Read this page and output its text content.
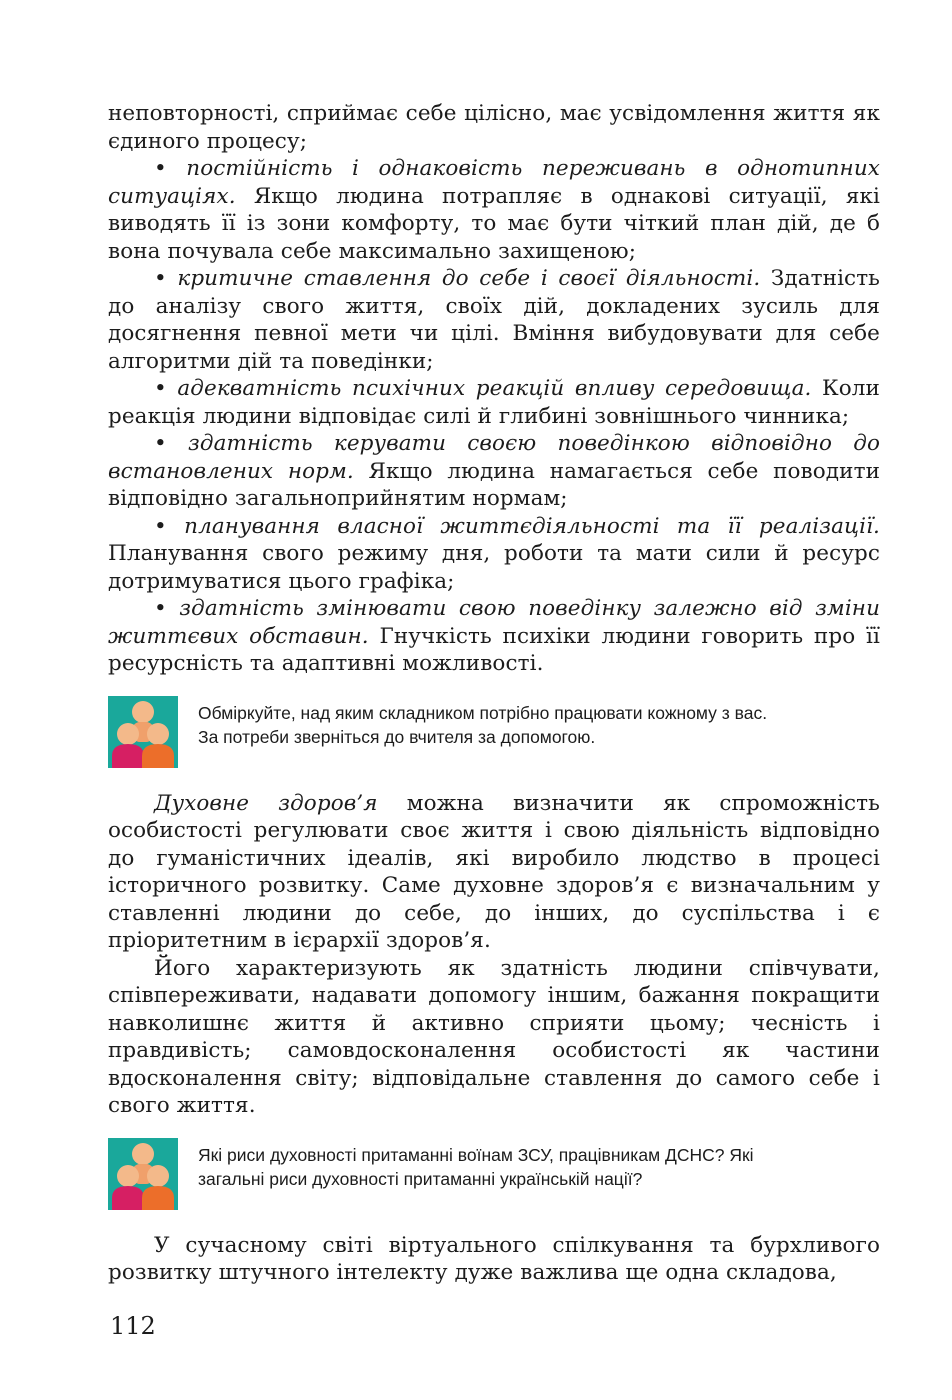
неповторності, сприймає себе цілісно, має усвідомлення життя як єдиного процесу;

• постійність і однаковість переживань в однотипних ситуаціях. Якщо людина потрапляє в однакові ситуації, які виводять її із зони комфорту, то має бути чіткий план дій, де б вона почувала себе максимально захищеною;

• критичне ставлення до себе і своєї діяльності. Здатність до аналізу свого життя, своїх дій, докладених зусиль для досягнення певної мети чи цілі. Вміння вибудовувати для себе алгоритми дій та поведінки;

• адекватність психічних реакцій впливу середовища. Коли реакція людини відповідає силі й глибині зовнішнього чинника;

• здатність керувати своєю поведінкою відповідно до встановлених норм. Якщо людина намагається себе поводити відповідно загальноприйнятим нормам;

• планування власної життєдіяльності та її реалізації. Планування свого режиму дня, роботи та мати сили й ресурс дотримуватися цього графіка;

• здатність змінювати свою поведінку залежно від зміни життєвих обставин. Гнучкість психіки людини говорить про її ресурсність та адаптивні можливості.

Обміркуйте, над яким складником потрібно працювати кожному з вас.

За потреби зверніться до вчителя за допомогою.

Духовне здоров’я можна визначити як спроможність особистості регулювати своє життя і свою діяльність відповідно до гуманістичних ідеалів, які виробило людство в процесі історичного розвитку. Саме духовне здоров’я є визначальним у ставленні людини до себе, до інших, до суспільства і є пріоритетним в ієрархії здоров’я.

Його характеризують як здатність людини співчувати, співпереживати, надавати допомогу іншим, бажання покращити навколишнє життя й активно сприяти цьому; чесність і правдивість; самовдосконалення особистості як частини вдосконалення світу; відповідальне ставлення до самого себе і свого життя.

Які риси духовності притаманні воїнам ЗСУ, працівникам ДСНС? Які

загальні риси духовності притаманні українській нації?

У сучасному світі віртуального спілкування та бурхливого розвитку штучного інтелекту дуже важлива ще одна складова,

112
